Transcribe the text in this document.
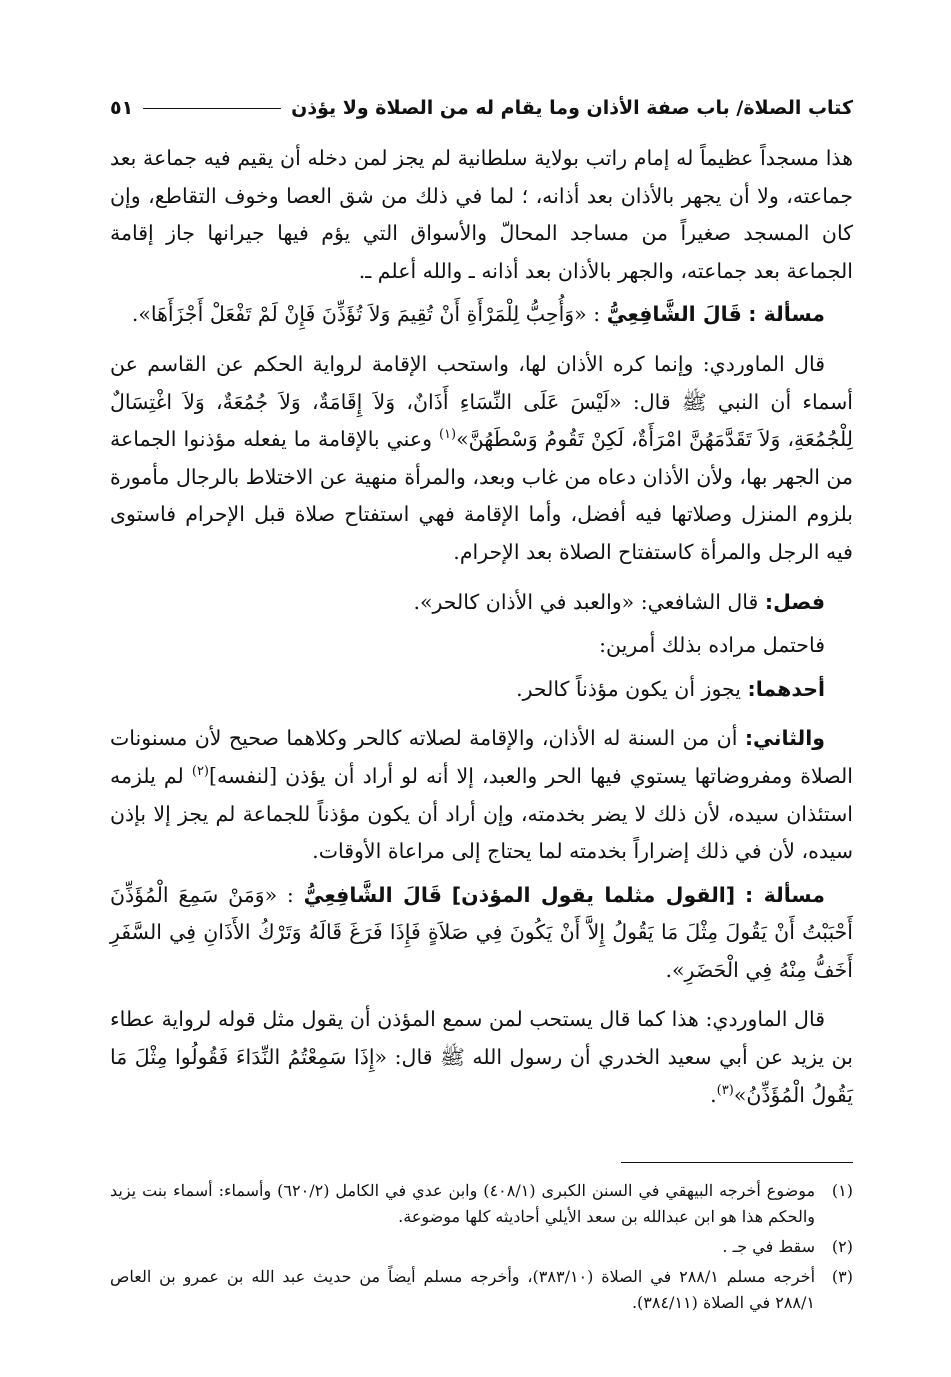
كتاب الصلاة/ باب صفة الأذان وما يقام له من الصلاة ولا يؤذن
٥١

هذا مسجداً عظيماً له إمام راتب بولاية سلطانية لم يجز لمن دخله أن يقيم فيه جماعة بعد جماعته، ولا أن يجهر بالأذان بعد أذانه، ؛ لما في ذلك من شق العصا وخوف التقاطع، وإن كان المسجد صغيراً من مساجد المحالّ والأسواق التي يؤم فيها جيرانها جاز إقامة الجماعة بعد جماعته، والجهر بالأذان بعد أذانه ـ والله أعلم ـ.

مسألة : قَالَ الشَّافِعِيُّ : «وَأُحِبُّ لِلْمَرْأَةِ أَنْ تُقِيمَ وَلاَ تُؤَذِّنَ فَإِنْ لَمْ تَفْعَلْ أَجْزَأَهَا».

قال الماوردي: وإنما كره الأذان لها، واستحب الإقامة لرواية الحكم عن القاسم عن أسماء أن النبي ﷺ قال: «لَيْسَ عَلَى النِّسَاءِ أَذَانٌ، وَلاَ إِقَامَةٌ، وَلاَ جُمُعَةٌ، وَلاَ اغْتِسَالٌ لِلْجُمُعَةِ، وَلاَ تَقَدَّمَهُنَّ امْرَأَةٌ، لَكِنْ تَقُومُ وَسْطَهُنَّ»$^{(١)}$ وعني بالإقامة ما يفعله مؤذنوا الجماعة من الجهر بها، ولأن الأذان دعاه من غاب وبعد، والمرأة منهية عن الاختلاط بالرجال مأمورة بلزوم المنزل وصلاتها فيه أفضل، وأما الإقامة فهي استفتاح صلاة قبل الإحرام فاستوى فيه الرجل والمرأة كاستفتاح الصلاة بعد الإحرام.

فصل: قال الشافعي: «والعبد في الأذان كالحر».

فاحتمل مراده بذلك أمرين:

أحدهما: يجوز أن يكون مؤذناً كالحر.

والثاني: أن من السنة له الأذان، والإقامة لصلاته كالحر وكلاهما صحيح لأن مسنونات الصلاة ومفروضاتها يستوي فيها الحر والعبد، إلا أنه لو أراد أن يؤذن [لنفسه]$^{(٢)}$ لم يلزمه استئذان سيده، لأن ذلك لا يضر بخدمته، وإن أراد أن يكون مؤذناً للجماعة لم يجز إلا بإذن سيده، لأن في ذلك إضراراً بخدمته لما يحتاج إلى مراعاة الأوقات.

مسألة : [القول مثلما يقول المؤذن] قَالَ الشَّافِعِيُّ : «وَمَنْ سَمِعَ الْمُؤَذِّنَ أَحْبَبْتُ أَنْ يَقُولَ مِثْلَ مَا يَقُولُ إِلاَّ أَنْ يَكُونَ فِي صَلاَةٍ فَإِذَا فَرَغَ قَالَهُ وَتَرْكُ الأَذَانِ فِي السَّفَرِ أَخَفُّ مِنْهُ فِي الْحَضَرِ».

قال الماوردي: هذا كما قال يستحب لمن سمع المؤذن أن يقول مثل قوله لرواية عطاء بن يزيد عن أبي سعيد الخدري أن رسول الله ﷺ قال: «إِذَا سَمِعْتُمُ النِّدَاءَ فَقُولُوا مِثْلَ مَا يَقُولُ الْمُؤَذِّنُ»$^{(٣)}$.

(١)
موضوع أخرجه البيهقي في السنن الكبرى (٤٠٨/١) وابن عدي في الكامل (٦٢٠/٢) وأسماء: أسماء بنت يزيد والحكم هذا هو ابن عبدالله بن سعد الأيلي أحاديثه كلها موضوعة.
(٢)
سقط في جـ .
(٣)
أخرجه مسلم ٢٨٨/١ في الصلاة (٣٨٣/١٠)، وأخرجه مسلم أيضاً من حديث عبد الله بن عمرو بن العاص ٢٨٨/١ في الصلاة (٣٨٤/١١).
